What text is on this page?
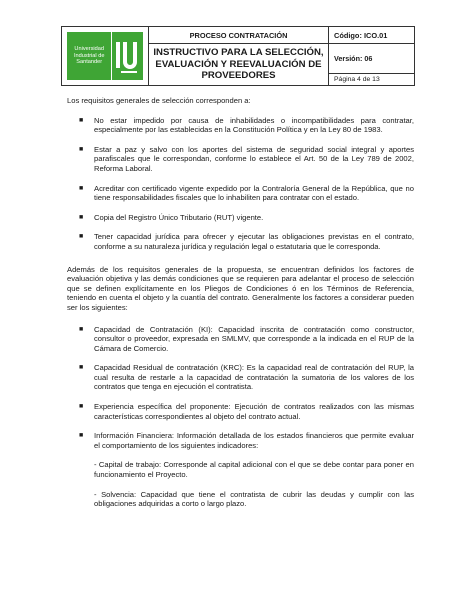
Universidad
Industrial de
Santander	PROCESO CONTRATACIÓN	Código: ICO.01
	INSTRUCTIVO PARA LA SELECCIÓN, EVALUACIÓN Y REEVALUACIÓN DE PROVEEDORES	Versión: 06
		Página 4 de 13

Los requisitos generales de selección corresponden a:

■ No estar impedido por causa de inhabilidades o incompatibilidades para contratar, especialmente por las establecidas en la Constitución Política y en la Ley 80 de 1983.
■ Estar a paz y salvo con los aportes del sistema de seguridad social integral y aportes parafiscales que le correspondan, conforme lo establece el Art. 50 de la Ley 789 de 2002, Reforma Laboral.
■ Acreditar con certificado vigente expedido por la Contraloría General de la República, que no tiene responsabilidades fiscales que lo inhabiliten para contratar con el estado.
■ Copia del Registro Único Tributario (RUT) vigente.
■ Tener capacidad jurídica para ofrecer y ejecutar las obligaciones previstas en el contrato, conforme a su naturaleza jurídica y regulación legal o estatutaria que le corresponda.

Además de los requisitos generales de la propuesta, se encuentran definidos los factores de evaluación objetiva y las demás condiciones que se requieren para adelantar el proceso de selección que se definen explícitamente en los Pliegos de Condiciones ó en los Términos de Referencia, teniendo en cuenta el objeto y la cuantía del contrato. Generalmente los factores a considerar pueden ser los siguientes:

■ Capacidad de Contratación (KI): Capacidad inscrita de contratación como constructor, consultor o proveedor, expresada en SMLMV, que corresponde a la indicada en el RUP de la Cámara de Comercio.
■ Capacidad Residual de contratación (KRC): Es la capacidad real de contratación del RUP, la cual resulta de restarle a la capacidad de contratación la sumatoria de los valores de los contratos que tenga en ejecución el contratista.
■ Experiencia específica del proponente: Ejecución de contratos realizados con las mismas características correspondientes al objeto del contrato actual.
■ Información Financiera: Información detallada de los estados financieros que permite evaluar el comportamiento de los siguientes indicadores:

- Capital de trabajo: Corresponde al capital adicional con el que se debe contar para poner en funcionamiento el Proyecto.

- Solvencia: Capacidad que tiene el contratista de cubrir las deudas y cumplir con las obligaciones adquiridas a corto o largo plazo.
